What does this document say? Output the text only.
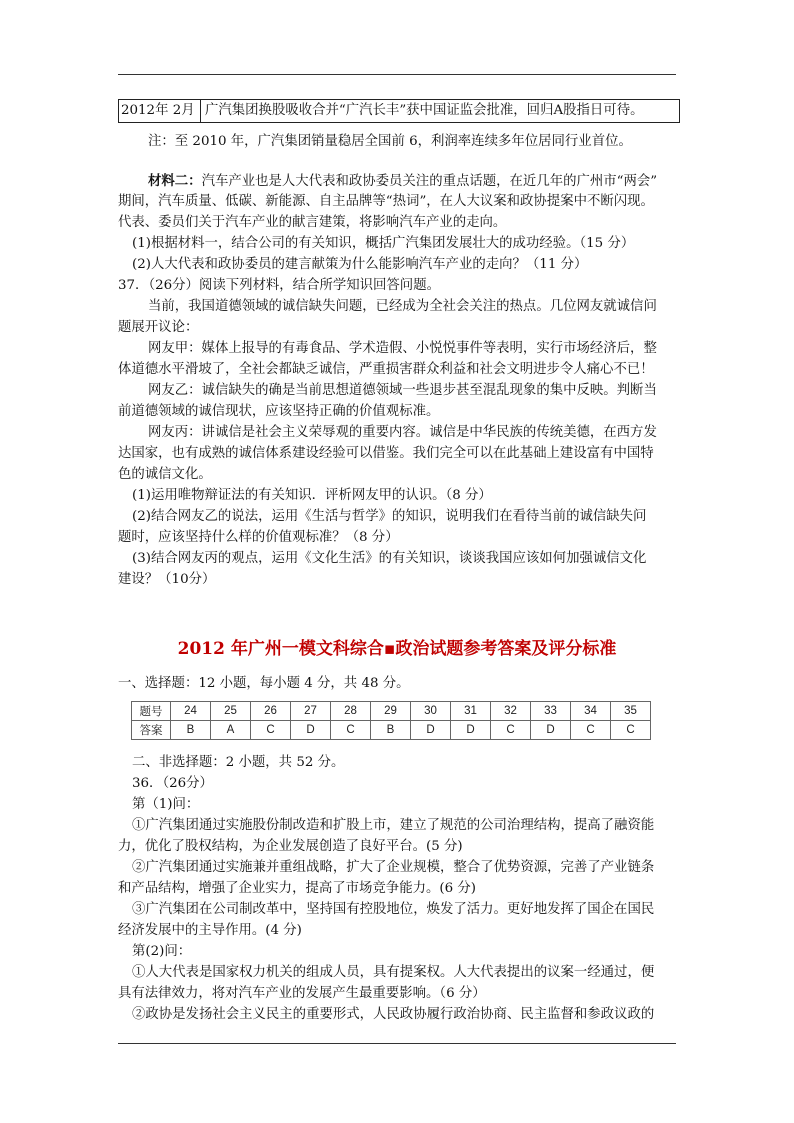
2012年 2月 广汽集团换股吸收合并“广汽长丰”获中国证监会批准，回归A股指日可待。
注：至 2010 年，广汽集团销量稳居全国前 6，利润率连续多年位居同行业首位。
材料二：汽车产业也是人大代表和政协委员关注的重点话题，在近几年的广州市“两会”
期间，汽车质量、低碳、新能源、自主品牌等“热词”，在人大议案和政协提案中不断闪现。
代表、委员们关于汽车产业的献言建策，将影响汽车产业的走向。
(1)根据材料一，结合公司的有关知识，概括广汽集团发展壮大的成功经验。（15 分）
(2)人大代表和政协委员的建言献策为什么能影响汽车产业的走向？（11 分）
37．（26分）阅读下列材料，结合所学知识回答问题。
当前，我国道德领域的诚信缺失问题，已经成为全社会关注的热点。几位网友就诚信问
题展开议论：
网友甲：媒体上报导的有毒食品、学术造假、小悦悦事件等表明，实行市场经济后，整
体道德水平滑坡了，全社会都缺乏诚信，严重损害群众利益和社会文明进步令人痛心不已！
网友乙：诚信缺失的确是当前思想道德领域一些退步甚至混乱现象的集中反映。判断当
前道德领域的诚信现状，应该坚持正确的价值观标准。
网友丙：讲诚信是社会主义荣辱观的重要内容。诚信是中华民族的传统美德，在西方发
达国家，也有成熟的诚信体系建设经验可以借鉴。我们完全可以在此基础上建设富有中国特
色的诚信文化。
(1)运用唯物辩证法的有关知识．评析网友甲的认识。（8 分）
(2)结合网友乙的说法，运用《生活与哲学》的知识，说明我们在看待当前的诚信缺失问
题时，应该坚持什么样的价值观标准？（8 分）
(3)结合网友丙的观点，运用《文化生活》的有关知识，谈谈我国应该如何加强诚信文化
建设？（10分）
2012 年广州一模文科综合▪政治试题参考答案及评分标准
一、选择题：12 小题，每小题 4 分，共 48 分。
题号	24	25	26	27	28	29	30	31	32	33	34	35
答案	B	A	C	D	C	B	D	D	C	D	C	C
二、非选择题：2 小题，共 52 分。
36．（26分）
第（1)问：
①广汽集团通过实施股份制改造和扩股上市，建立了规范的公司治理结构，提高了融资能
力，优化了股权结构，为企业发展创造了良好平台。(5 分)
②广汽集团通过实施兼并重组战略，扩大了企业规模，整合了优势资源，完善了产业链条
和产品结构，增强了企业实力，提高了市场竞争能力。(6 分)
③广汽集团在公司制改革中，坚持国有控股地位，焕发了活力。更好地发挥了国企在国民
经济发展中的主导作用。(4 分)
第(2)问：
①人大代表是国家权力机关的组成人员，具有提案权。人大代表提出的议案一经通过，便
具有法律效力，将对汽车产业的发展产生最重要影响。（6 分）
②政协是发扬社会主义民主的重要形式，人民政协履行政治协商、民主监督和参政议政的
